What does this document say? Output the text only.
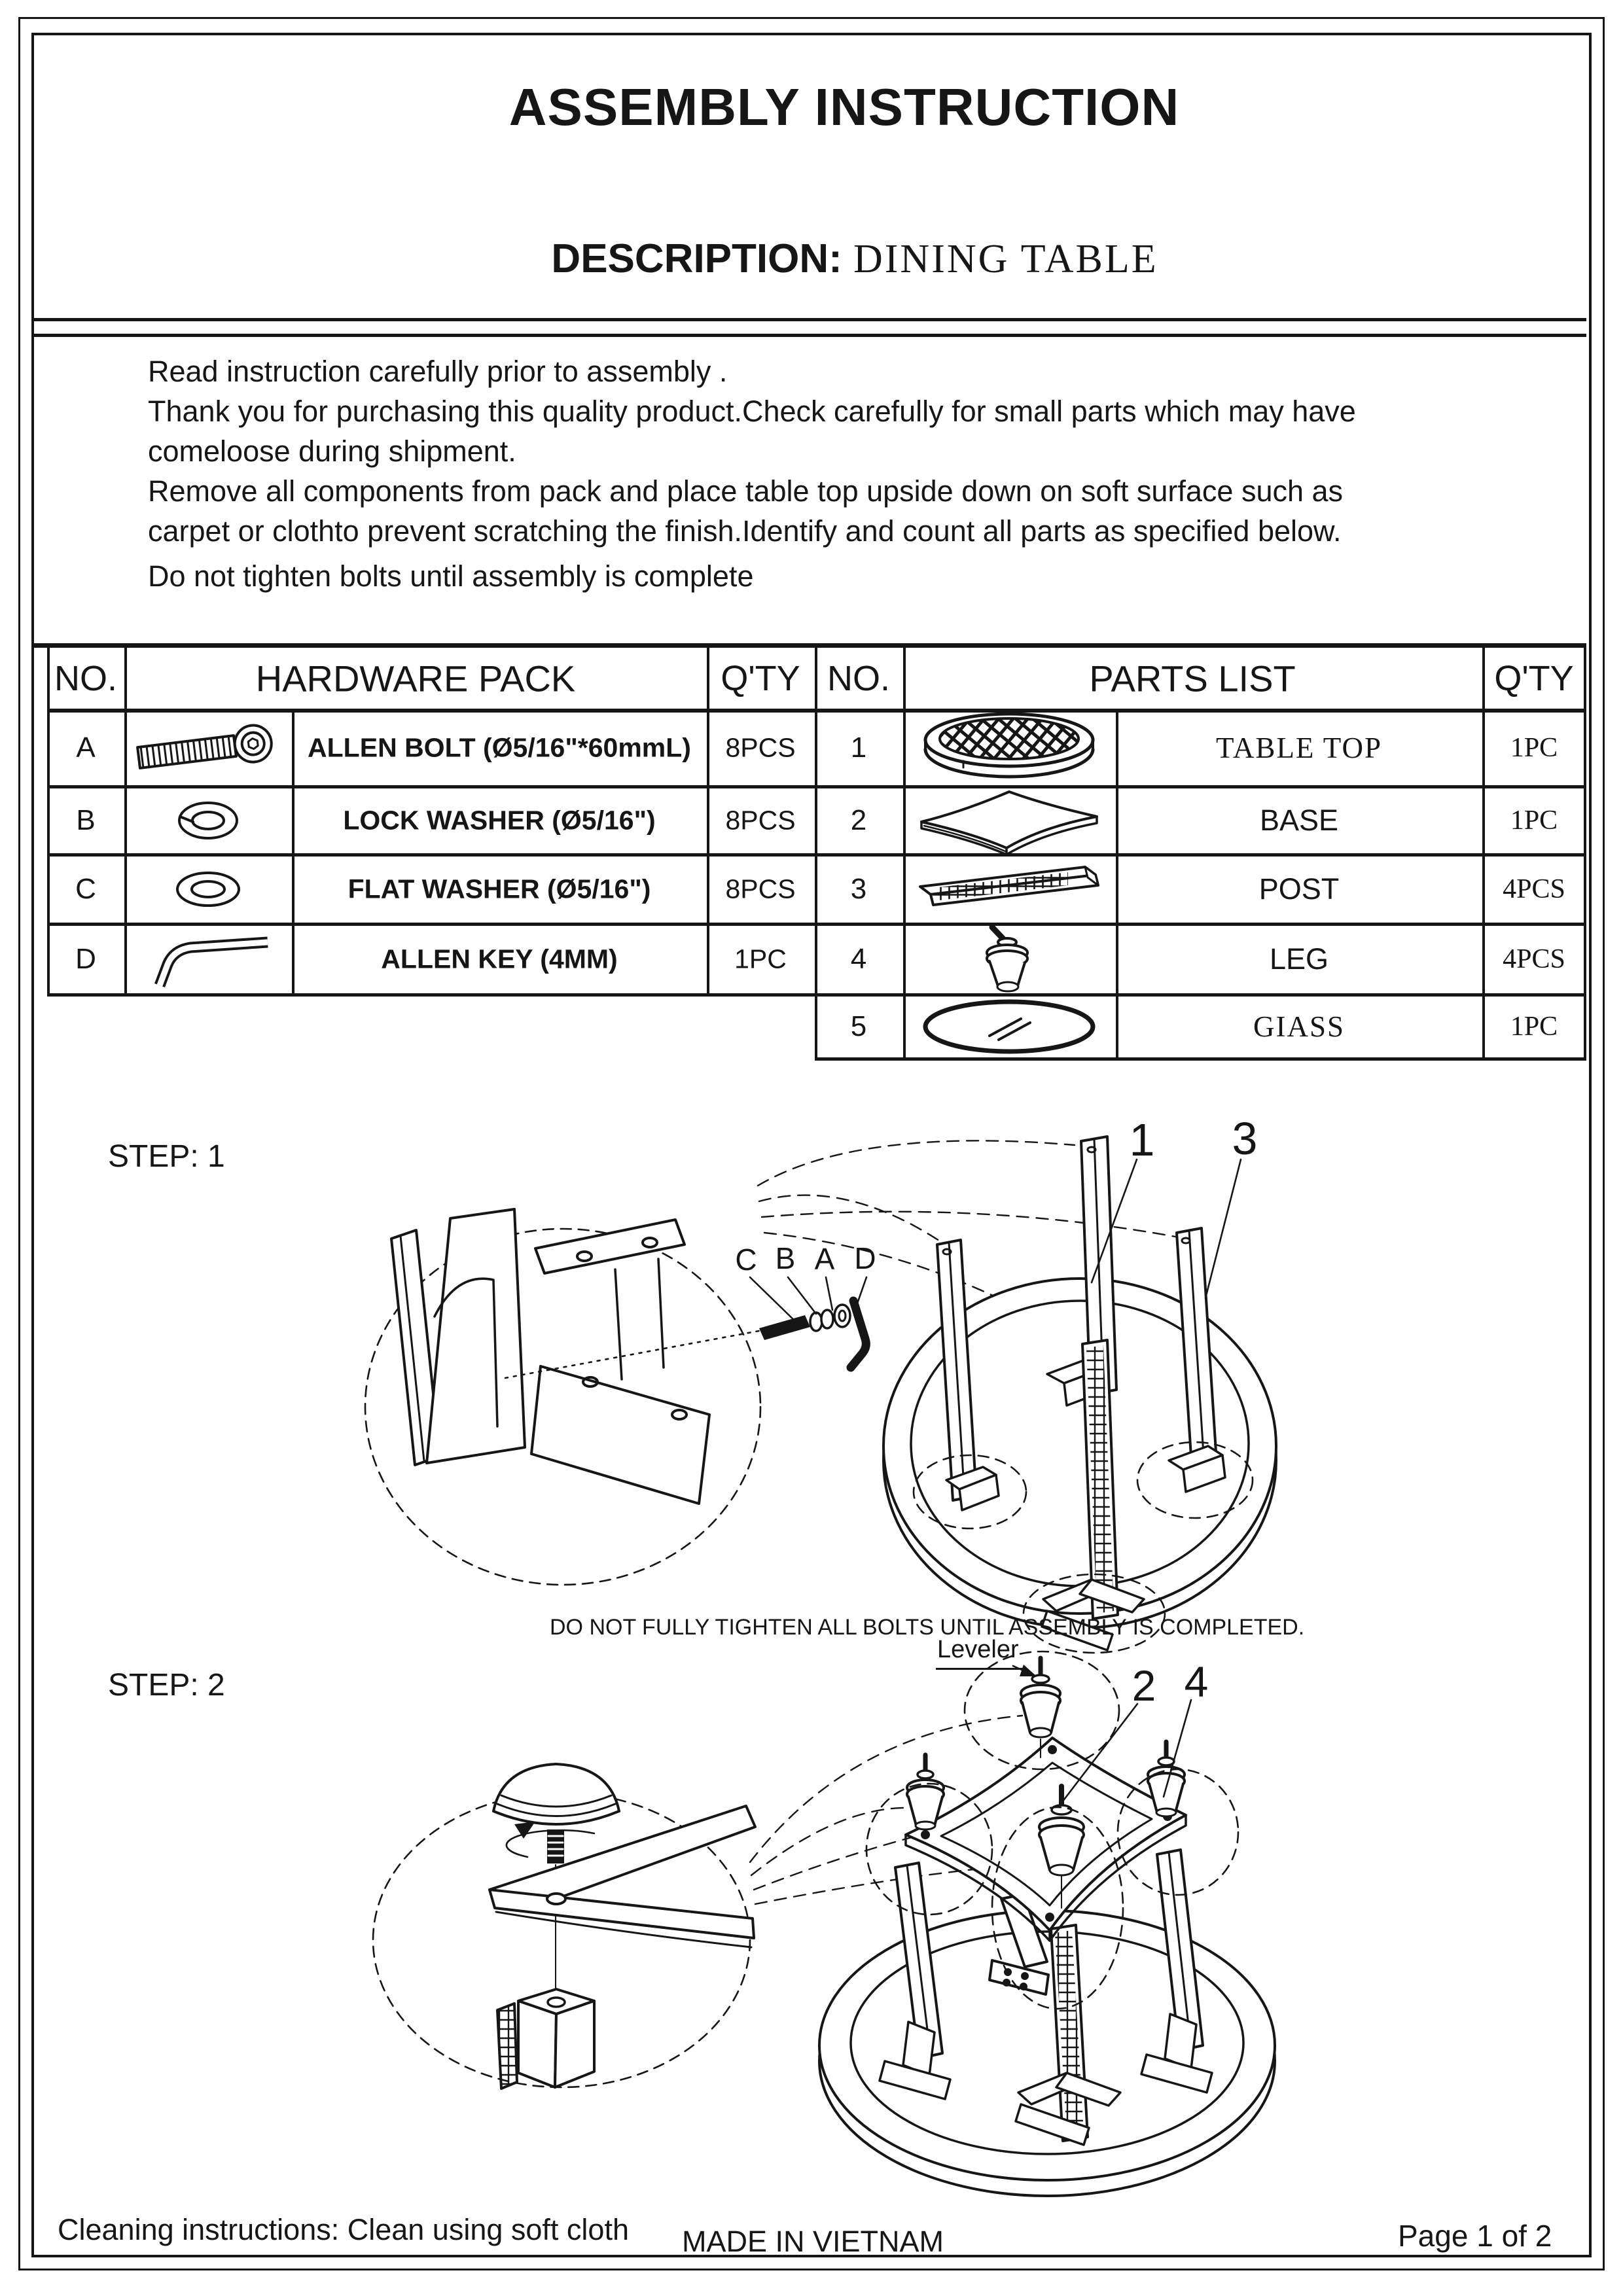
ASSEMBLY INSTRUCTION
DESCRIPTION: DINING TABLE
Read instruction carefully prior to assembly .
Thank you for purchasing this quality product.Check carefully for small parts which may have
comeloose during shipment.
Remove all components from pack and place table top upside down on soft surface such as
carpet or clothto prevent scratching the finish.Identify and count all parts as specified below.
Do not tighten bolts until assembly is complete
NO.	HARDWARE PACK	Q'TY NO.	PARTS LIST	Q'TY
A	ALLEN BOLT (Ø5/16"*60mmL) 8PCS
B	LOCK WASHER (Ø5/16")	8PCS
C	FLAT WASHER (Ø5/16")	8PCS
D	ALLEN KEY (4MM)	1PC
1	TABLE TOP	1PC
2	BASE	1PC
3	POST	4PCS
4	LEG	4PCS
5	GIASS	1PC
STEP: 1
STEP: 2
C B A D
1 3
2 4
DO NOT FULLY TIGHTEN ALL BOLTS UNTIL ASSEMBLY IS COMPLETED.
Leveler
Cleaning instructions: Clean using soft cloth MADE IN VIETNAM	Page 1 of 2
